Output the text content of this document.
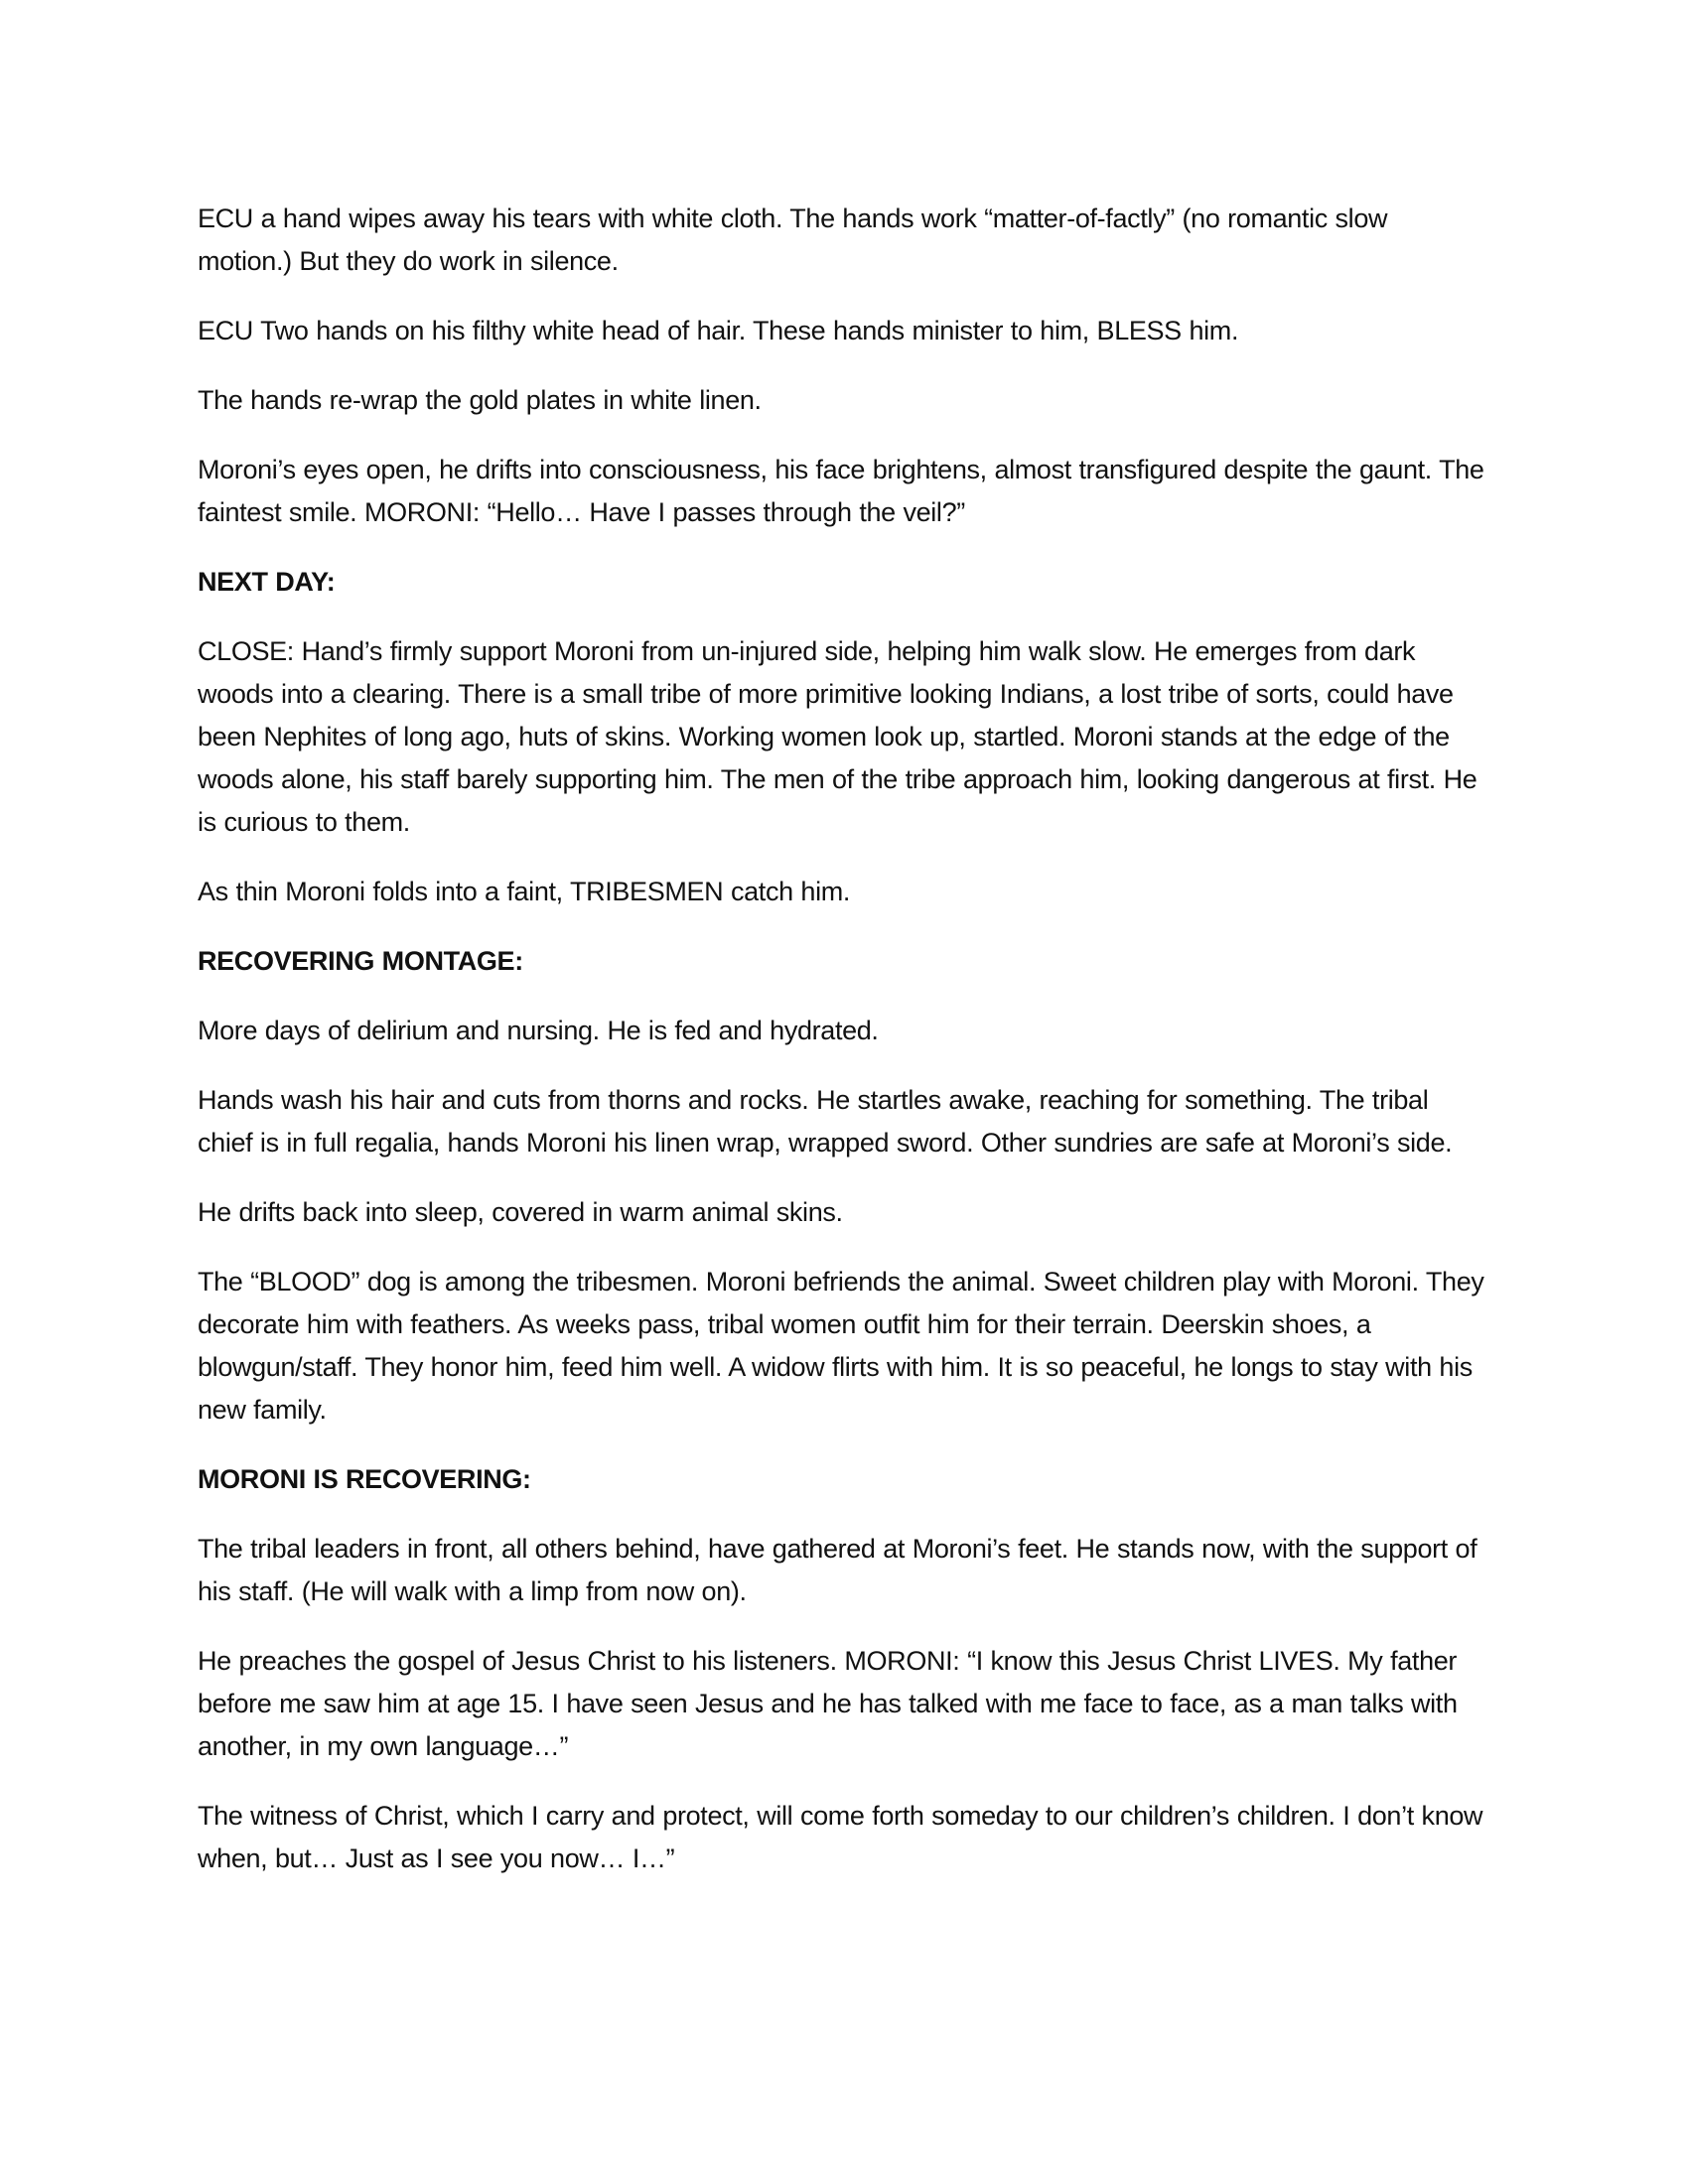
ECU a hand wipes away his tears with white cloth. The hands work “matter-of-factly” (no romantic slow motion.) But they do work in silence.

ECU Two hands on his filthy white head of hair. These hands minister to him, BLESS him.

The hands re-wrap the gold plates in white linen.

Moroni’s eyes open, he drifts into consciousness, his face brightens, almost transfigured despite the gaunt. The faintest smile. MORONI: “Hello… Have I passes through the veil?”

NEXT DAY:

CLOSE: Hand’s firmly support Moroni from un-injured side, helping him walk slow. He emerges from dark woods into a clearing. There is a small tribe of more primitive looking Indians, a lost tribe of sorts, could have been Nephites of long ago, huts of skins. Working women look up, startled. Moroni stands at the edge of the woods alone, his staff barely supporting him. The men of the tribe approach him, looking dangerous at first. He is curious to them.

As thin Moroni folds into a faint, TRIBESMEN catch him.

RECOVERING MONTAGE:

More days of delirium and nursing. He is fed and hydrated.

Hands wash his hair and cuts from thorns and rocks. He startles awake, reaching for something. The tribal chief is in full regalia, hands Moroni his linen wrap, wrapped sword. Other sundries are safe at Moroni’s side.

He drifts back into sleep, covered in warm animal skins.

The “BLOOD” dog is among the tribesmen. Moroni befriends the animal. Sweet children play with Moroni. They decorate him with feathers. As weeks pass, tribal women outfit him for their terrain. Deerskin shoes, a blowgun/staff. They honor him, feed him well. A widow flirts with him. It is so peaceful, he longs to stay with his new family.

MORONI IS RECOVERING:

The tribal leaders in front, all others behind, have gathered at Moroni’s feet. He stands now, with the support of his staff. (He will walk with a limp from now on).

He preaches the gospel of Jesus Christ to his listeners. MORONI: “I know this Jesus Christ LIVES. My father before me saw him at age 15. I have seen Jesus and he has talked with me face to face, as a man talks with another, in my own language…”

The witness of Christ, which I carry and protect, will come forth someday to our children’s children. I don’t know when, but… Just as I see you now… I…”
